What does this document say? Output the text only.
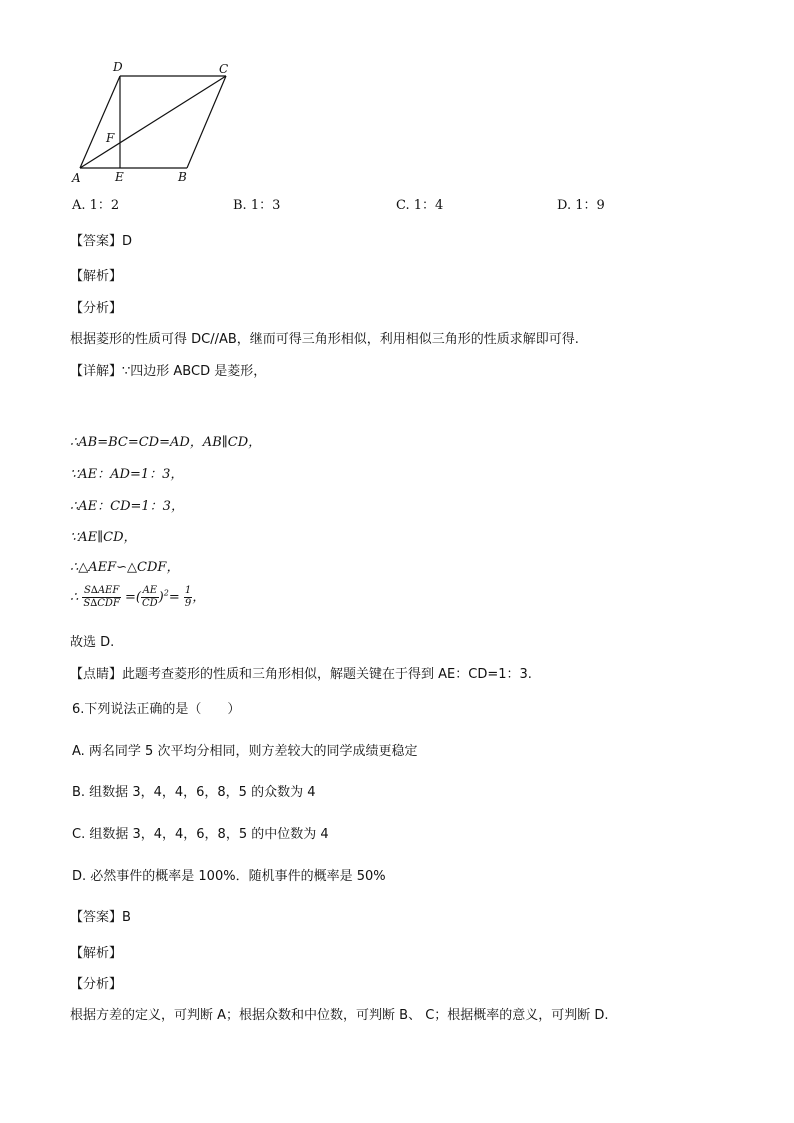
D	C
F
A	E	B
A. 1：2	B. 1：3	C. 1：4	D. 1：9
【答案】D
【解析】
【分析】
根据菱形的性质可得 DC//AB，继而可得三角形相似，利用相似三角形的性质求解即可得.
【详解】∵四边形 ABCD 是菱形，
∴AB=BC=CD=AD，AB∥CD，
∵AE：AD=1：3，
∴AE：CD=1：3，
∵AE∥CD，
∴△AEF∽△CDF，
∴ $\frac{\text{S∆AEF}}{\text{S∆CDF}}$ =( $\frac{AE}{CD} )^2= \frac{1}{9}$ ，
故选 D.
【点睛】此题考查菱形的性质和三角形相似，解题关键在于得到 AE：CD=1：3.
6.下列说法正确的是（　　）
A. 两名同学 5 次平均分相同，则方差较大的同学成绩更稳定
B. 组数据 3，4，4，6，8，5 的众数为 4
C. 组数据 3，4，4，6，8，5 的中位数为 4
D. 必然事件的概率是 100%．随机事件的概率是 50%
【答案】B
【解析】
【分析】
根据方差的定义，可判断 A；根据众数和中位数，可判断 B、 C；根据概率的意义，可判断 D.
